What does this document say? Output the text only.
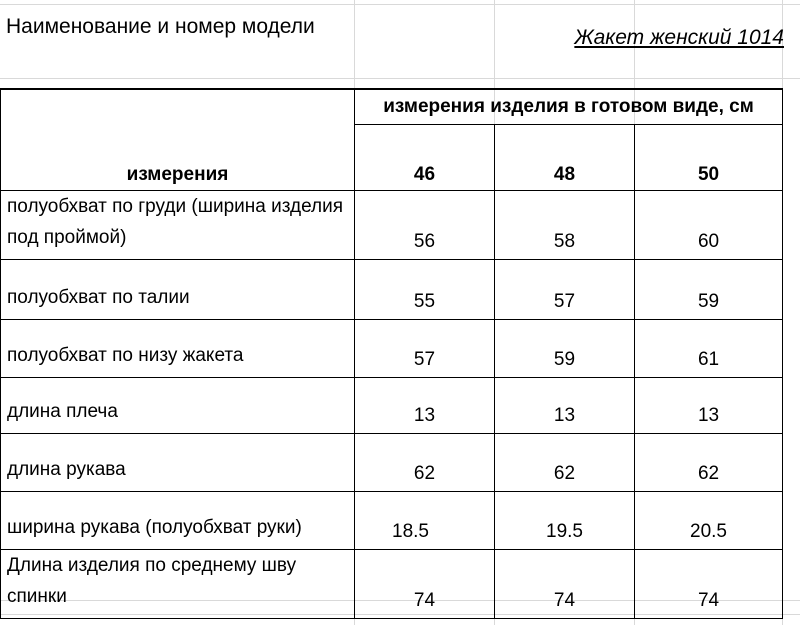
Наименование и номер модели	Жакет женский 1014
измерения	измерения изделия в готовом виде, см		
	46	48	50
полуобхват по груди (ширина изделия под проймой)	56	58	60
полуобхват по талии	55	57	59
полуобхват по низу жакета	57	59	61
длина плеча	13	13	13
длина рукава	62	62	62
ширина рукава (полуобхват руки)	18.5	19.5	20.5
Длина изделия по среднему шву спинки	74	74	74
